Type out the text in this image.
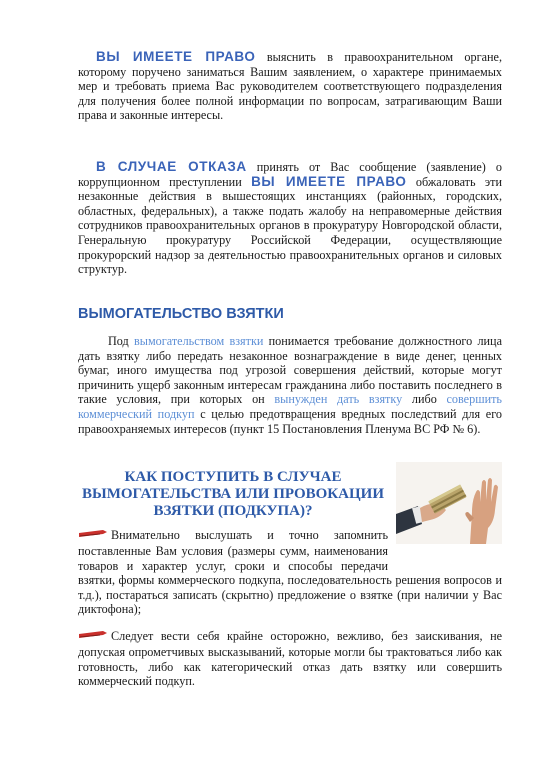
ВЫ ИМЕЕТЕ ПРАВО выяснить в правоохранительном органе, которому поручено заниматься Вашим заявлением, о характере принимаемых мер и требовать приема Вас руководителем соответствующего подразделения для получения более полной информации по вопросам, затрагивающим Ваши права и законные интересы.

В СЛУЧАЕ ОТКАЗА принять от Вас сообщение (заявление) о коррупционном преступлении ВЫ ИМЕЕТЕ ПРАВО обжаловать эти незаконные действия в вышестоящих инстанциях (районных, городских, областных, федеральных), а также подать жалобу на неправомерные действия сотрудников правоохранительных органов в прокуратуру Новгородской области, Генеральную прокуратуру Российской Федерации, осуществляющие прокурорский надзор за деятельностью правоохранительных органов и силовых структур.

ВЫМОГАТЕЛЬСТВО ВЗЯТКИ

Под вымогательством взятки понимается требование должностного лица дать взятку либо передать незаконное вознаграждение в виде денег, ценных бумаг, иного имущества под угрозой совершения действий, которые могут причинить ущерб законным интересам гражданина либо поставить последнего в такие условия, при которых он вынужден дать взятку либо совершить коммерческий подкуп с целью предотвращения вредных последствий для его правоохраняемых интересов (пункт 15 Постановления Пленума ВС РФ № 6).

КАК ПОСТУПИТЬ В СЛУЧАЕ
ВЫМОГАТЕЛЬСТВА ИЛИ ПРОВОКАЦИИ
ВЗЯТКИ (ПОДКУПА)?
Внимательно выслушать и точно запомнить
поставленные Вам условия (размеры сумм, наименования
товаров и характер услуг, сроки и способы передачи

взятки, формы коммерческого подкупа, последовательность решения вопросов и т.д.), постараться записать (скрытно) предложение о взятке (при наличии у Вас диктофона);

Следует вести себя крайне осторожно, вежливо, без заискивания, не допуская опрометчивых высказываний, которые могли бы трактоваться либо как готовность, либо как категорический отказ дать взятку или совершить коммерческий подкуп.
